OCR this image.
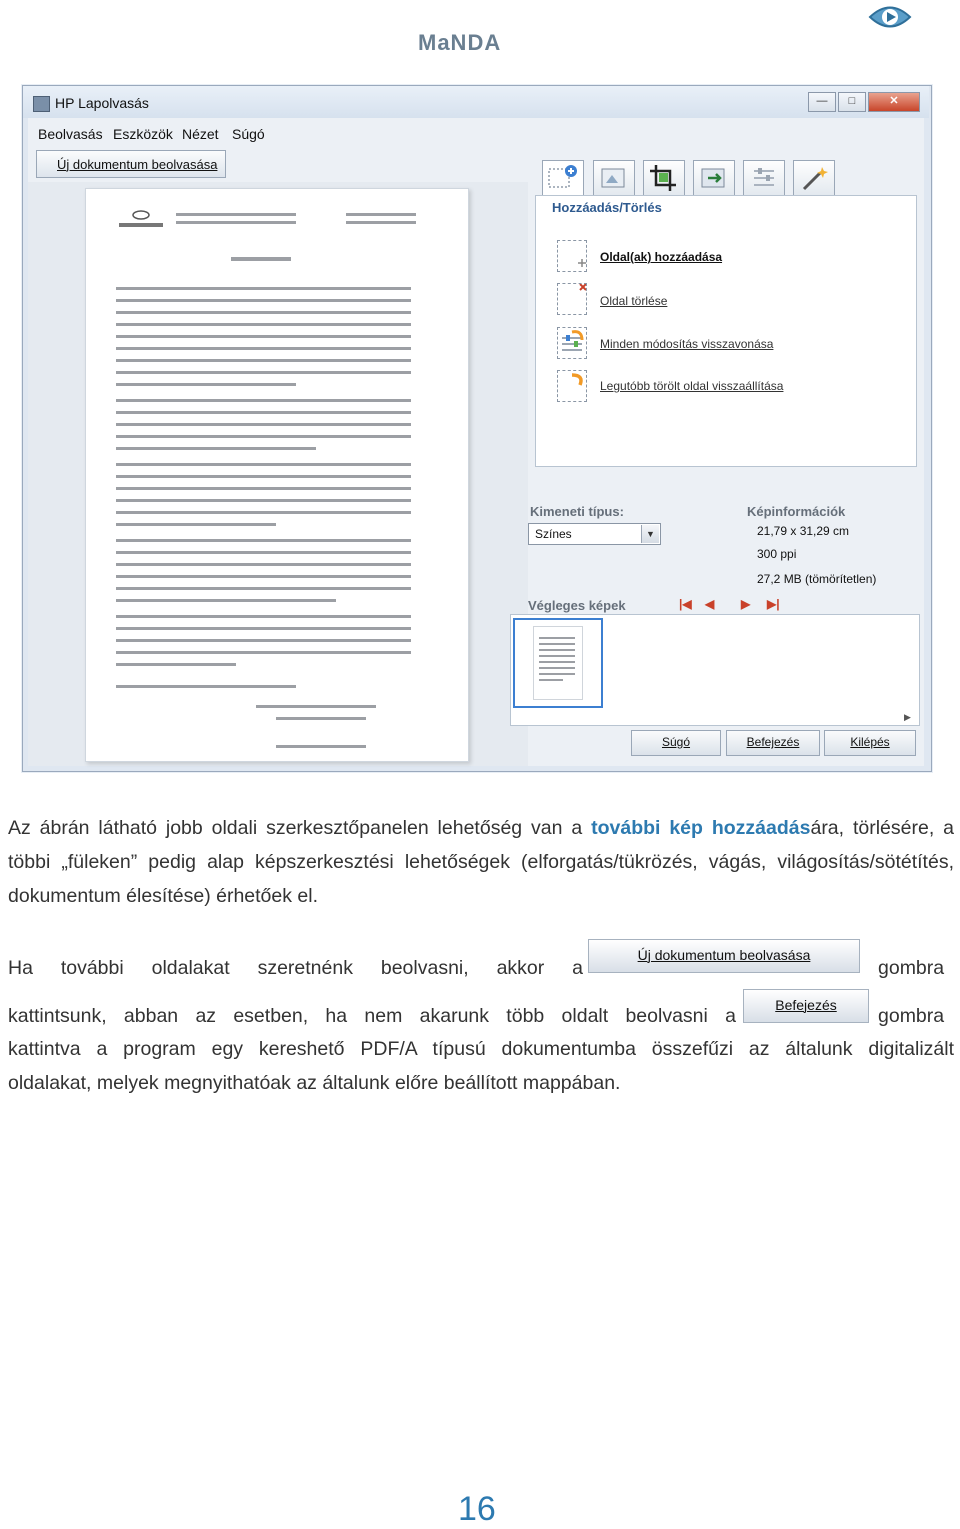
MaNDA
HP Lapolvasás	—	□	✕
Beolvasás Eszközök Nézet Súgó
Új dokumentum beolvasása
Hozzáadás/Törlés
Oldal(ak) hozzáadása
Oldal törlése
Minden módosítás visszavonása
Legutóbb törölt oldal visszaállítása
Kimeneti típus:
Színes	▼
Képinformációk
21,79 x 31,29 cm
300 ppi
27,2 MB (tömörítetlen)
Végleges képek	|◀ ◀ ▶ ▶|
▶
Súgó	Befejezés	Kilépés
Az ábrán látható jobb oldali szerkesztőpanelen lehetőség van a további kép hozzáadására, törlésére, a többi „füleken” pedig alap képszerkesztési lehetőségek (elforgatás/tükrözés, vágás, világosítás/sötétítés, dokumentum élesítése) érhetőek el.
Ha további oldalakat szeretnénk beolvasni, akkor a
Új dokumentum beolvasása
gombra
kattintsunk, abban az esetben, ha nem akarunk több oldalt beolvasni a	Befejezés	gombra
kattintva a program egy kereshető PDF/A típusú dokumentumba összefűzi az általunk digitalizált
oldalakat, melyek megnyithatóak az általunk előre beállított mappában.
16
